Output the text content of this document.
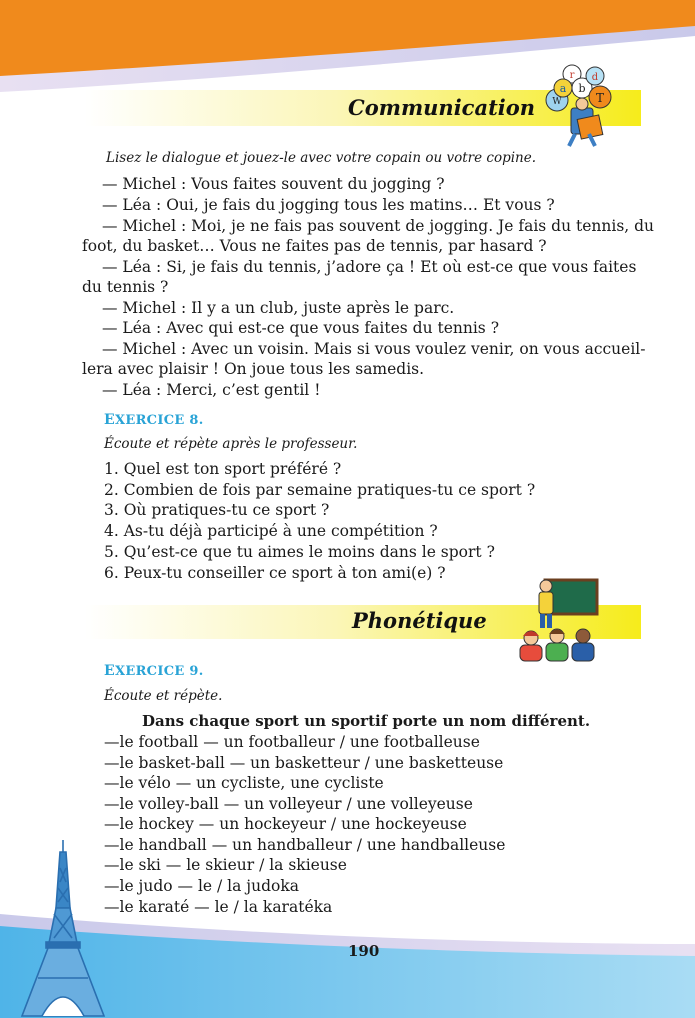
Communication
r
a b
d
T
W
Lisez le dialogue et jouez-le avec votre copain ou votre copine.
— Michel : Vous faites souvent du jogging ?
— Léa : Oui, je fais du jogging tous les matins… Et vous ?
— Michel : Moi, je ne fais pas souvent de jogging. Je fais du tennis, du
foot, du basket… Vous ne faites pas de tennis, par hasard ?
— Léa : Si, je fais du tennis, j’adore ça ! Et où est-ce que vous faites
du tennis ?
— Michel : Il y a un club, juste après le parc.
— Léa : Avec qui est-ce que vous faites du tennis ?
— Michel : Avec un voisin. Mais si vous voulez venir, on vous accueil-
lera avec plaisir ! On joue tous les samedis.
— Léa : Merci, c’est gentil !
EXERCICE 8.
Écoute et répète après le professeur.
1. Quel est ton sport préféré ?
2. Combien de fois par semaine pratiques-tu ce sport ?
3. Où pratiques-tu ce sport ?
4. As-tu déjà participé à une compétition ?
5. Qu’est-ce que tu aimes le moins dans le sport ?
6. Peux-tu conseiller ce sport à ton ami(e) ?
Phonétique
EXERCICE 9.
Écoute et répète.
Dans chaque sport un sportif porte un nom différent.
—le football — un footballeur / une footballeuse
—le basket-ball — un basketteur / une basketteuse
—le vélo — un cycliste, une cycliste
—le volley-ball — un volleyeur / une volleyeuse
—le hockey — un hockeyeur / une hockeyeuse
—le handball — un handballeur / une handballeuse
—le ski — le skieur / la skieuse
—le judo — le / la judoka
—le karaté — le / la karatéka
190
